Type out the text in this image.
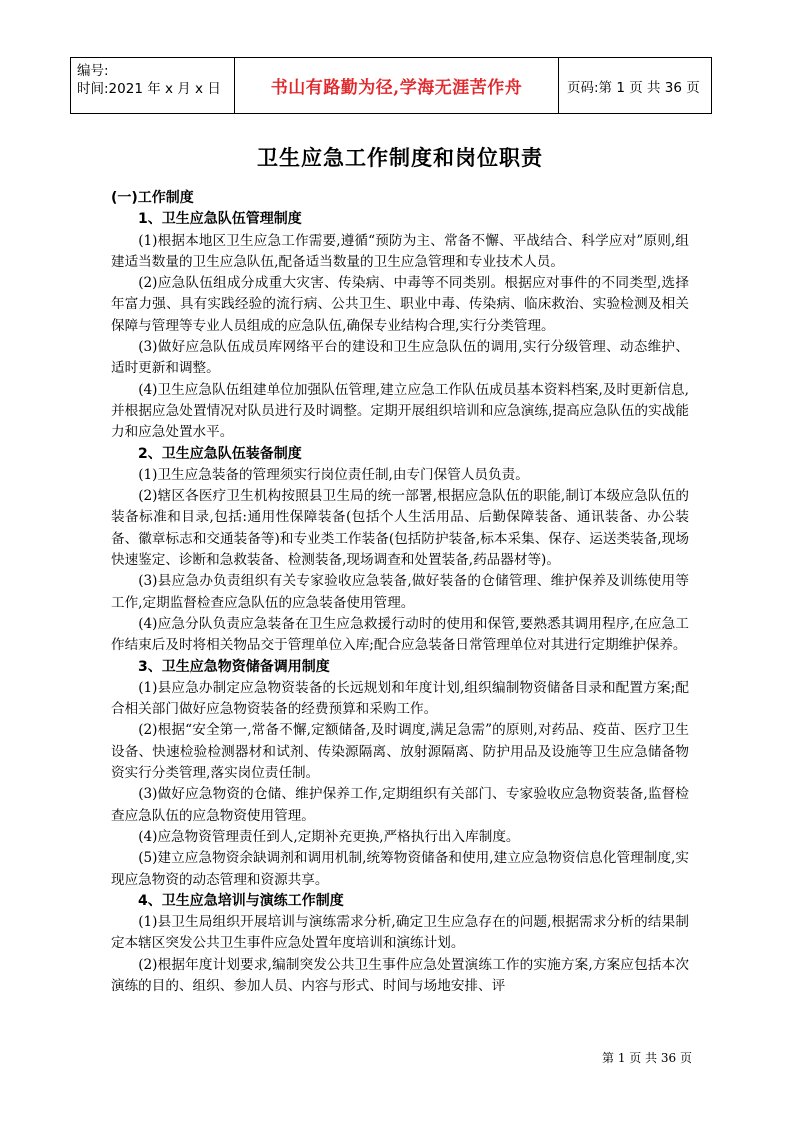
编号:
时间:2021 年 x 月 x 日	书山有路勤为径,学海无涯苦作舟	页码:第 1 页 共 36 页
卫生应急工作制度和岗位职责

(一)工作制度

1、卫生应急队伍管理制度

(1)根据本地区卫生应急工作需要,遵循“预防为主、常备不懈、平战结合、科学应对”原则,组建适当数量的卫生应急队伍,配备适当数量的卫生应急管理和专业技术人员。

(2)应急队伍组成分成重大灾害、传染病、中毒等不同类别。根据应对事件的不同类型,选择年富力强、具有实践经验的流行病、公共卫生、职业中毒、传染病、临床救治、实验检测及相关保障与管理等专业人员组成的应急队伍,确保专业结构合理,实行分类管理。

(3)做好应急队伍成员库网络平台的建设和卫生应急队伍的调用,实行分级管理、动态维护、适时更新和调整。

(4)卫生应急队伍组建单位加强队伍管理,建立应急工作队伍成员基本资料档案,及时更新信息,并根据应急处置情况对队员进行及时调整。定期开展组织培训和应急演练,提高应急队伍的实战能力和应急处置水平。

2、卫生应急队伍装备制度

(1)卫生应急装备的管理须实行岗位责任制,由专门保管人员负责。

(2)辖区各医疗卫生机构按照县卫生局的统一部署,根据应急队伍的职能,制订本级应急队伍的装备标准和目录,包括:通用性保障装备(包括个人生活用品、后勤保障装备、通讯装备、办公装备、徽章标志和交通装备等)和专业类工作装备(包括防护装备,标本采集、保存、运送类装备,现场快速鉴定、诊断和急救装备、检测装备,现场调查和处置装备,药品器材等)。

(3)县应急办负责组织有关专家验收应急装备,做好装备的仓储管理、维护保养及训练使用等工作,定期监督检查应急队伍的应急装备使用管理。

(4)应急分队负责应急装备在卫生应急救援行动时的使用和保管,要熟悉其调用程序,在应急工作结束后及时将相关物品交于管理单位入库;配合应急装备日常管理单位对其进行定期维护保养。

3、卫生应急物资储备调用制度

(1)县应急办制定应急物资装备的长远规划和年度计划,组织编制物资储备目录和配置方案;配合相关部门做好应急物资装备的经费预算和采购工作。

(2)根据“安全第一,常备不懈,定额储备,及时调度,满足急需”的原则,对药品、疫苗、医疗卫生设备、快速检验检测器材和试剂、传染源隔离、放射源隔离、防护用品及设施等卫生应急储备物资实行分类管理,落实岗位责任制。

(3)做好应急物资的仓储、维护保养工作,定期组织有关部门、专家验收应急物资装备,监督检查应急队伍的应急物资使用管理。

(4)应急物资管理责任到人,定期补充更换,严格执行出入库制度。

(5)建立应急物资余缺调剂和调用机制,统筹物资储备和使用,建立应急物资信息化管理制度,实现应急物资的动态管理和资源共享。

4、卫生应急培训与演练工作制度

(1)县卫生局组织开展培训与演练需求分析,确定卫生应急存在的问题,根据需求分析的结果制定本辖区突发公共卫生事件应急处置年度培训和演练计划。

(2)根据年度计划要求,编制突发公共卫生事件应急处置演练工作的实施方案,方案应包括本次演练的目的、组织、参加人员、内容与形式、时间与场地安排、评

第 1 页 共 36 页
